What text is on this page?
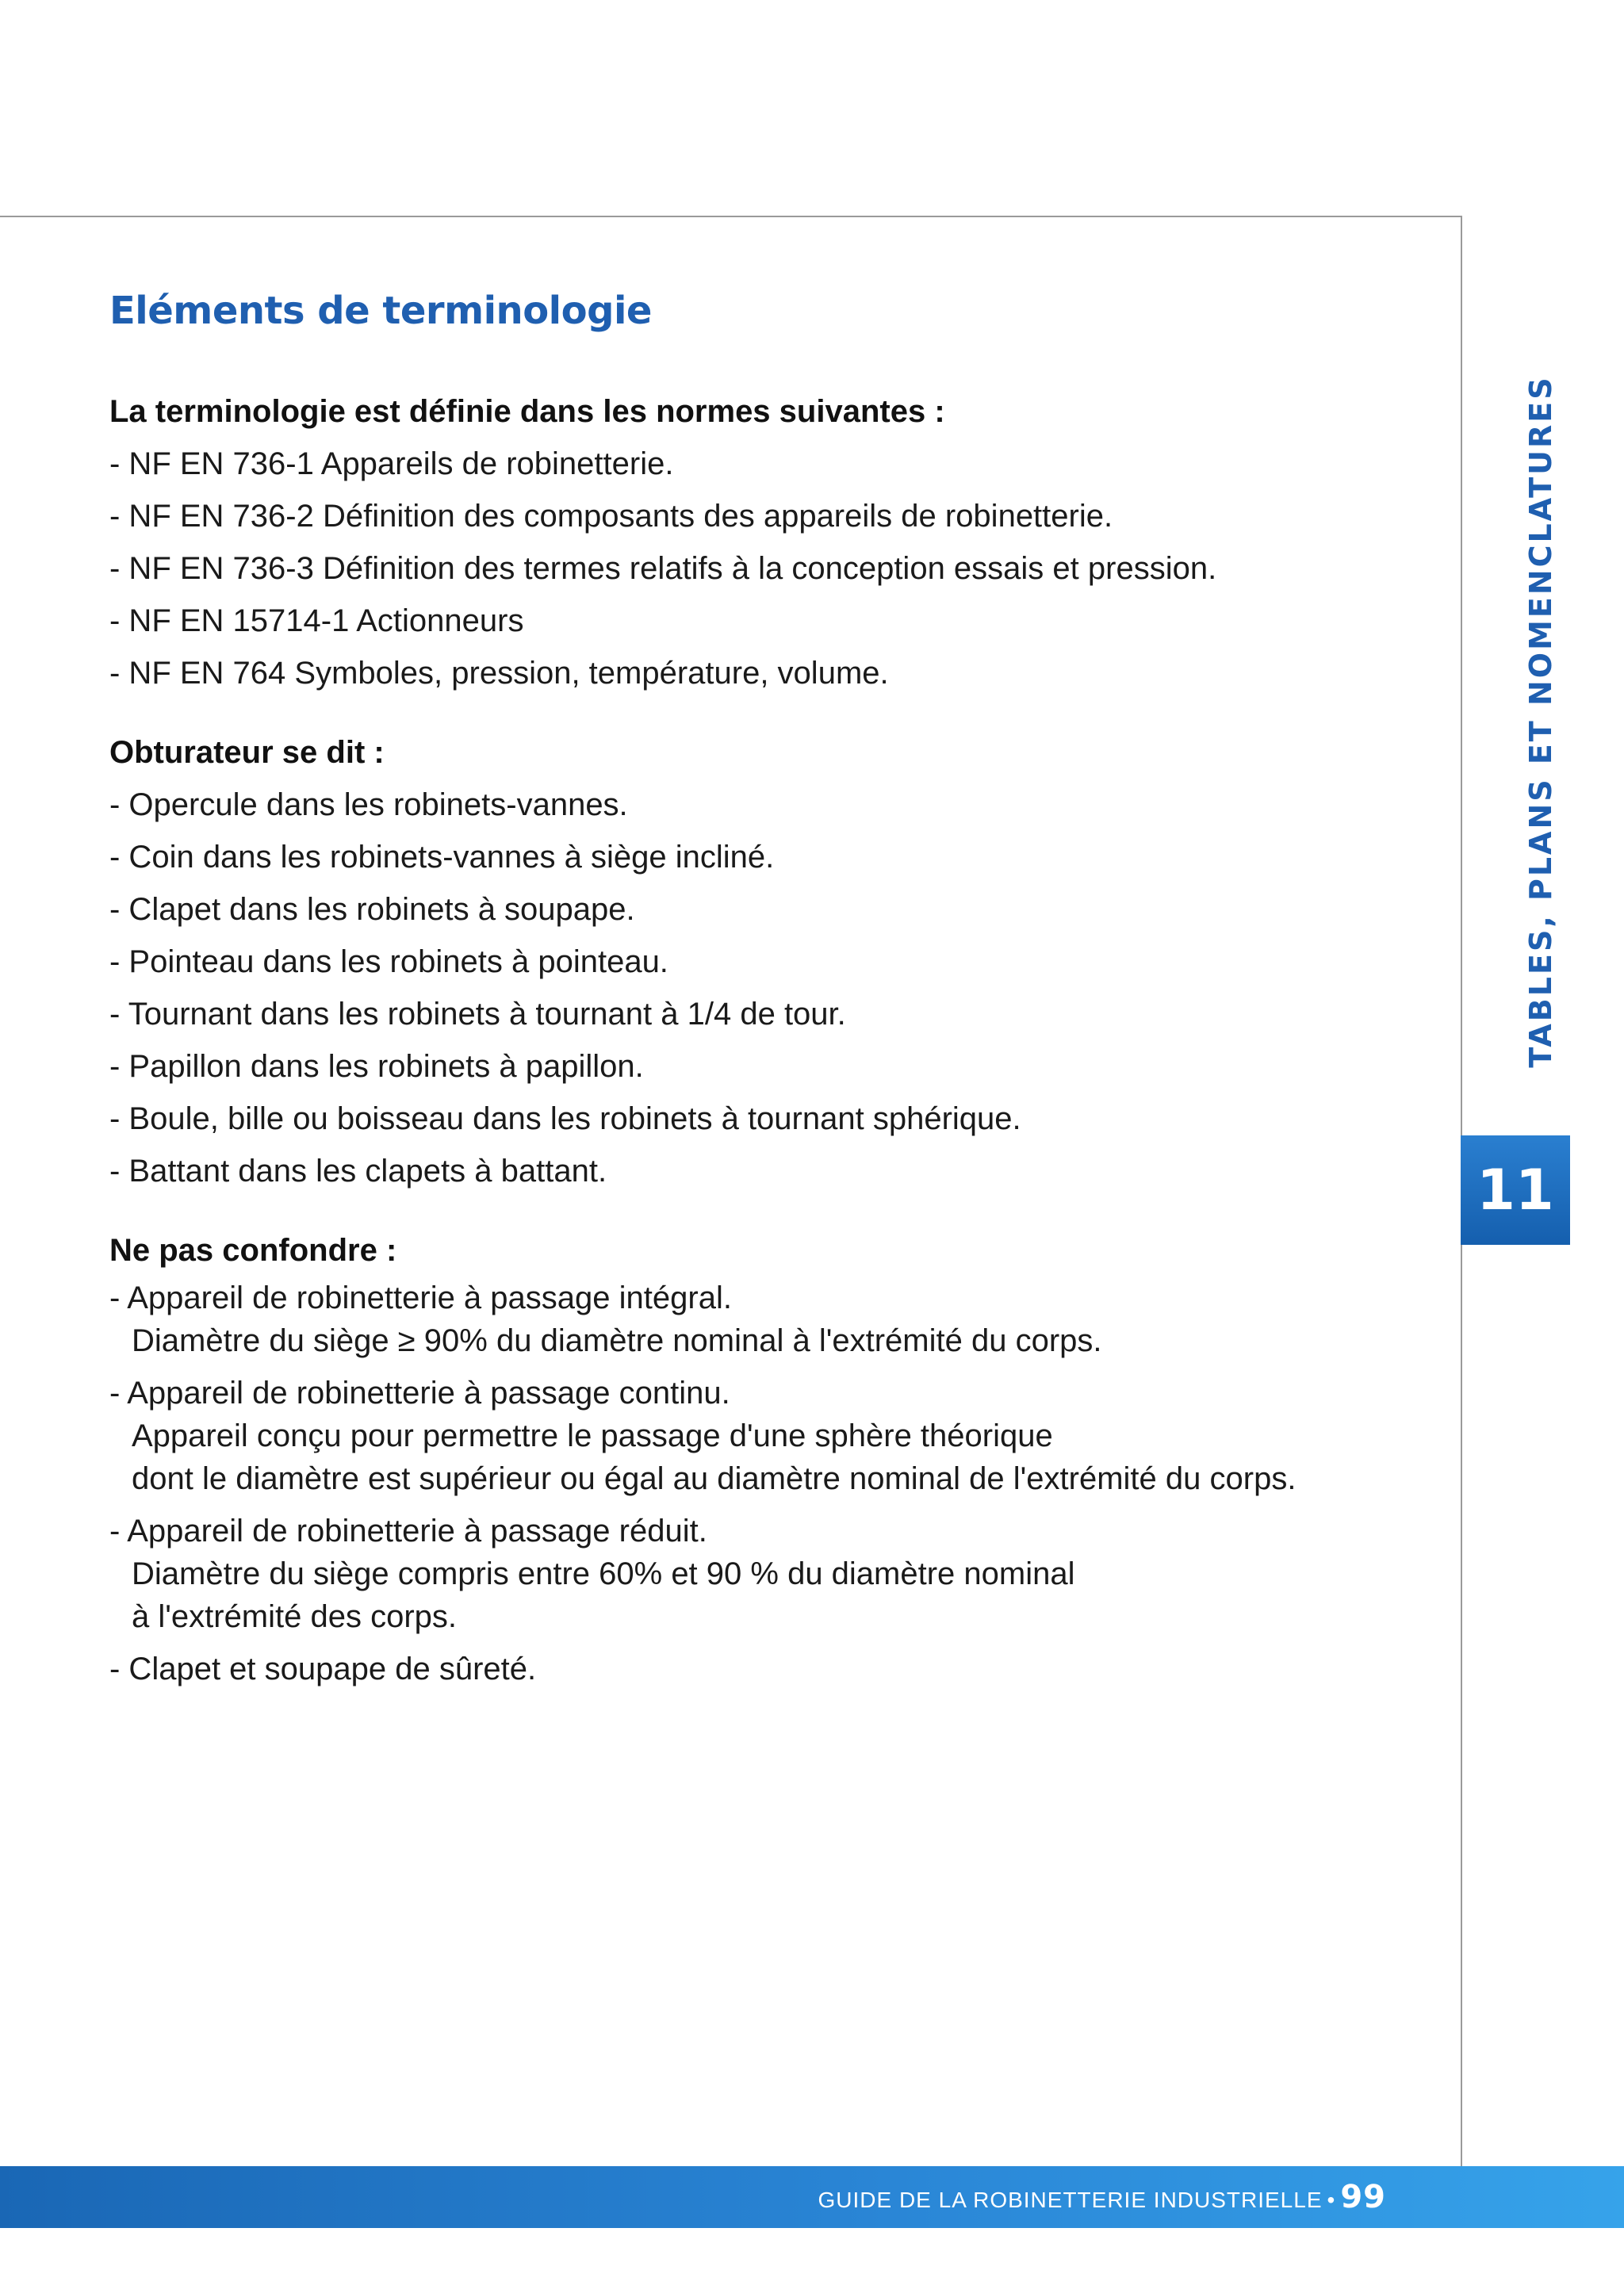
Eléments de terminologie
La terminologie est définie dans les normes suivantes :
- NF EN 736-1 Appareils de robinetterie.
- NF EN 736-2 Définition des composants des appareils de robinetterie.
- NF EN 736-3 Définition des termes relatifs à la conception essais et pression.
- NF EN 15714-1 Actionneurs
- NF EN 764 Symboles, pression, température, volume.
Obturateur se dit :
- Opercule dans les robinets-vannes.
- Coin dans les robinets-vannes à siège incliné.
- Clapet dans les robinets à soupape.
- Pointeau dans les robinets à pointeau.
- Tournant dans les robinets à tournant à 1/4 de tour.
- Papillon dans les robinets à papillon.
- Boule, bille ou boisseau dans les robinets à tournant sphérique.
- Battant dans les clapets à battant.
Ne pas confondre :
- Appareil de robinetterie à passage intégral.
Diamètre du siège ≥ 90% du diamètre nominal à l'extrémité du corps.
- Appareil de robinetterie à passage continu.
Appareil conçu pour permettre le passage d'une sphère théorique
dont le diamètre est supérieur ou égal au diamètre nominal de l'extrémité du corps.
- Appareil de robinetterie à passage réduit.
Diamètre du siège compris entre 60% et 90 % du diamètre nominal
à l'extrémité des corps.
- Clapet et soupape de sûreté.
TABLES, PLANS ET NOMENCLATURES
11
GUIDE DE LA ROBINETTERIE INDUSTRIELLE • 99
